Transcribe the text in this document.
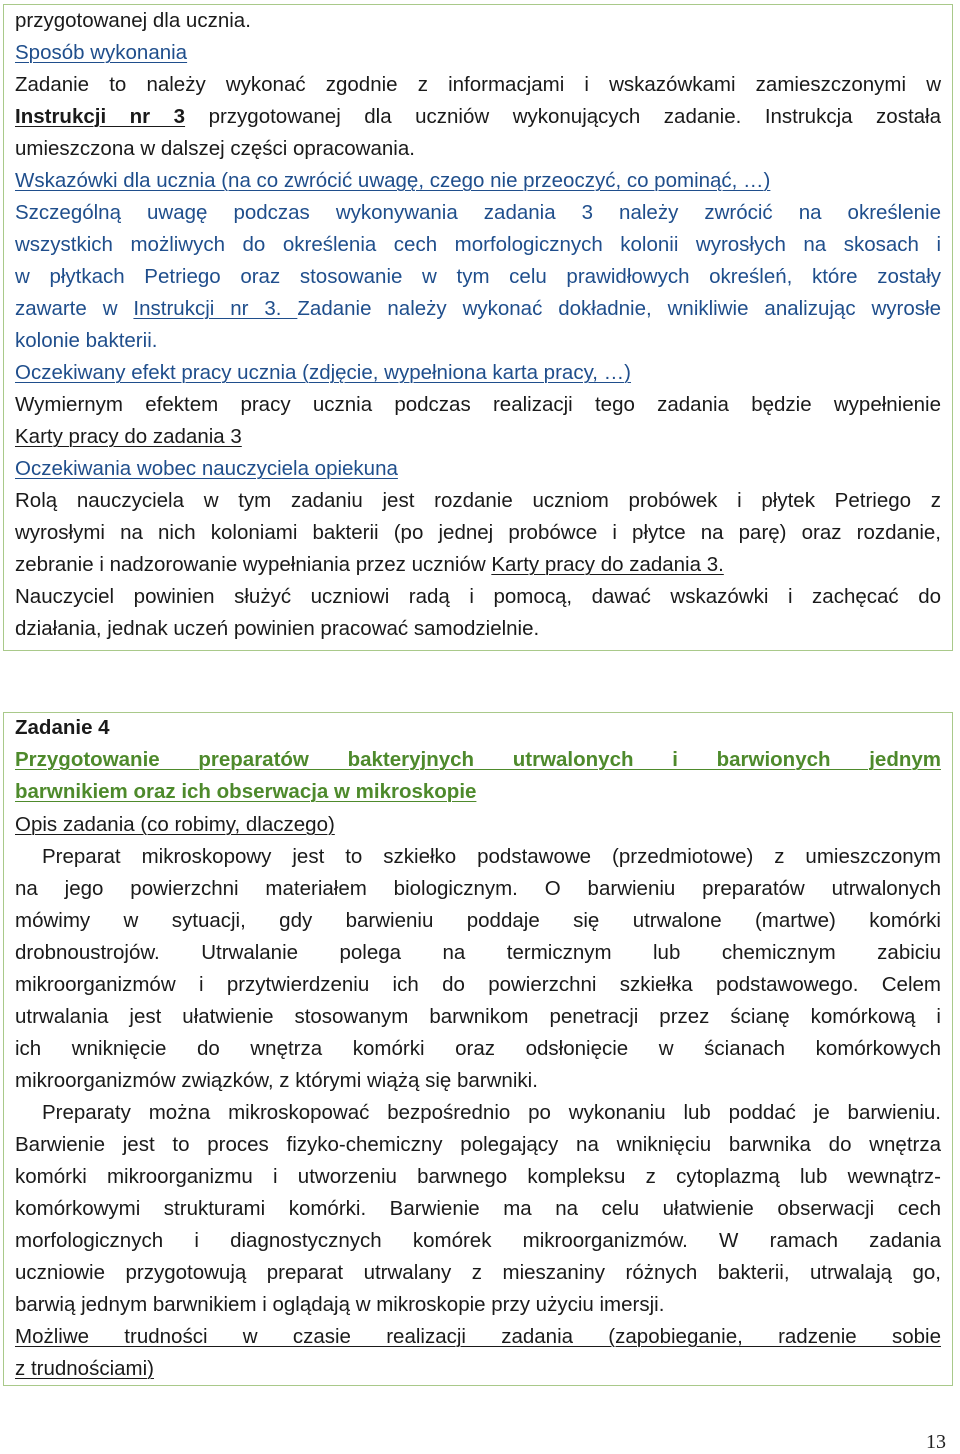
przygotowanej dla ucznia.
Sposób wykonania
Zadanie to należy wykonać zgodnie z informacjami i wskazówkami zamieszczonymi w
Instrukcji nr 3 przygotowanej dla uczniów wykonujących zadanie. Instrukcja została
umieszczona w dalszej części opracowania.
Wskazówki dla ucznia (na co zwrócić uwagę, czego nie przeoczyć, co pominąć, …)
Szczególną uwagę podczas wykonywania zadania 3 należy zwrócić na określenie
wszystkich możliwych do określenia cech morfologicznych kolonii wyrosłych na skosach i
w płytkach Petriego oraz stosowanie w tym celu prawidłowych określeń, które zostały
zawarte w Instrukcji nr 3. Zadanie należy wykonać dokładnie, wnikliwie analizując wyrosłe
kolonie bakterii.
Oczekiwany efekt pracy ucznia (zdjęcie, wypełniona karta pracy, …)
Wymiernym efektem pracy ucznia podczas realizacji tego zadania będzie wypełnienie
Karty pracy do zadania 3
Oczekiwania wobec nauczyciela opiekuna
Rolą nauczyciela w tym zadaniu jest rozdanie uczniom probówek i płytek Petriego z
wyrosłymi na nich koloniami bakterii (po jednej probówce i płytce na parę) oraz rozdanie,
zebranie i nadzorowanie wypełniania przez uczniów Karty pracy do zadania 3.
Nauczyciel powinien służyć uczniowi radą i pomocą, dawać wskazówki i zachęcać do
działania, jednak uczeń powinien pracować samodzielnie.
Zadanie 4
Przygotowanie preparatów bakteryjnych utrwalonych i barwionych jednym
barwnikiem oraz ich obserwacja w mikroskopie
Opis zadania (co robimy, dlaczego)
Preparat mikroskopowy jest to szkiełko podstawowe (przedmiotowe) z umieszczonym
na jego powierzchni materiałem biologicznym. O barwieniu preparatów utrwalonych
mówimy w sytuacji, gdy barwieniu poddaje się utrwalone (martwe) komórki
drobnoustrojów. Utrwalanie polega na termicznym lub chemicznym zabiciu
mikroorganizmów i przytwierdzeniu ich do powierzchni szkiełka podstawowego. Celem
utrwalania jest ułatwienie stosowanym barwnikom penetracji przez ścianę komórkową i
ich wniknięcie do wnętrza komórki oraz odsłonięcie w ścianach komórkowych
mikroorganizmów związków, z którymi wiążą się barwniki.
Preparaty można mikroskopować bezpośrednio po wykonaniu lub poddać je barwieniu.
Barwienie jest to proces fizyko-chemiczny polegający na wniknięciu barwnika do wnętrza
komórki mikroorganizmu i utworzeniu barwnego kompleksu z cytoplazmą lub wewnątrz-
komórkowymi strukturami komórki. Barwienie ma na celu ułatwienie obserwacji cech
morfologicznych i diagnostycznych komórek mikroorganizmów. W ramach zadania
uczniowie przygotowują preparat utrwalany z mieszaniny różnych bakterii, utrwalają go,
barwią jednym barwnikiem i oglądają w mikroskopie przy użyciu imersji.
Możliwe trudności w czasie realizacji zadania (zapobieganie, radzenie sobie
z trudnościami)
13
